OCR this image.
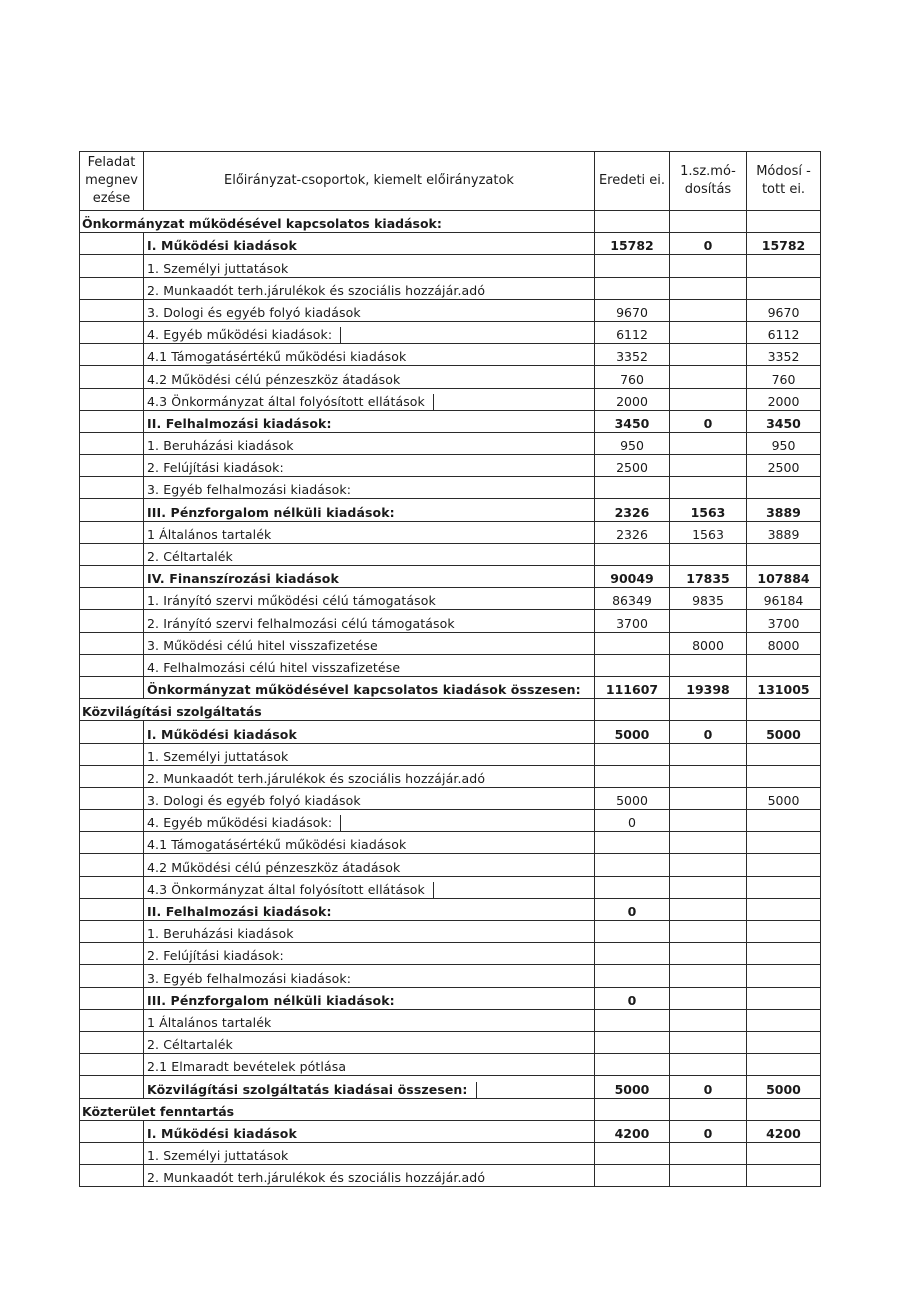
Feladat megnev ezése	Előirányzat-csoportok, kiemelt előirányzatok	Eredeti ei.	1.sz.mó- dosítás	Módosí - tott ei.
Önkormányzat működésével kapcsolatos kiadások:				
	I. Működési kiadások	15782	0	15782
	1. Személyi juttatások			
	2. Munkaadót terh.járulékok és szociális hozzájár.adó			
	3. Dologi és egyéb folyó kiadások	9670		9670
	4. Egyéb működési kiadások:	6112		6112
	4.1 Támogatásértékű működési kiadások	3352		3352
	4.2 Működési célú pénzeszköz átadások	760		760
	4.3 Önkormányzat által folyósított ellátások	2000		2000
	II. Felhalmozási kiadások:	3450	0	3450
	1. Beruházási kiadások	950		950
	2. Felújítási kiadások:	2500		2500
	3. Egyéb felhalmozási kiadások:			
	III. Pénzforgalom nélküli kiadások:	2326	1563	3889
	1 Általános tartalék	2326	1563	3889
	2. Céltartalék			
	IV. Finanszírozási kiadások	90049	17835	107884
	1. Irányító szervi működési célú támogatások	86349	9835	96184
	2. Irányító szervi felhalmozási célú támogatások	3700		3700
	3. Működési célú hitel visszafizetése		8000	8000
	4. Felhalmozási célú hitel visszafizetése			
	Önkormányzat működésével kapcsolatos kiadások összesen:	111607	19398	131005
Közvilágítási szolgáltatás				
	I. Működési kiadások	5000	0	5000
	1. Személyi juttatások			
	2. Munkaadót terh.járulékok és szociális hozzájár.adó			
	3. Dologi és egyéb folyó kiadások	5000		5000
	4. Egyéb működési kiadások:	0		
	4.1 Támogatásértékű működési kiadások			
	4.2 Működési célú pénzeszköz átadások			
	4.3 Önkormányzat által folyósított ellátások			
	II. Felhalmozási kiadások:	0		
	1. Beruházási kiadások			
	2. Felújítási kiadások:			
	3. Egyéb felhalmozási kiadások:			
	III. Pénzforgalom nélküli kiadások:	0		
	1 Általános tartalék			
	2. Céltartalék			
	2.1 Elmaradt bevételek pótlása			
	Közvilágítási szolgáltatás kiadásai összesen:	5000	0	5000
Közterület fenntartás				
	I. Működési kiadások	4200	0	4200
	1. Személyi juttatások			
	2. Munkaadót terh.járulékok és szociális hozzájár.adó			
